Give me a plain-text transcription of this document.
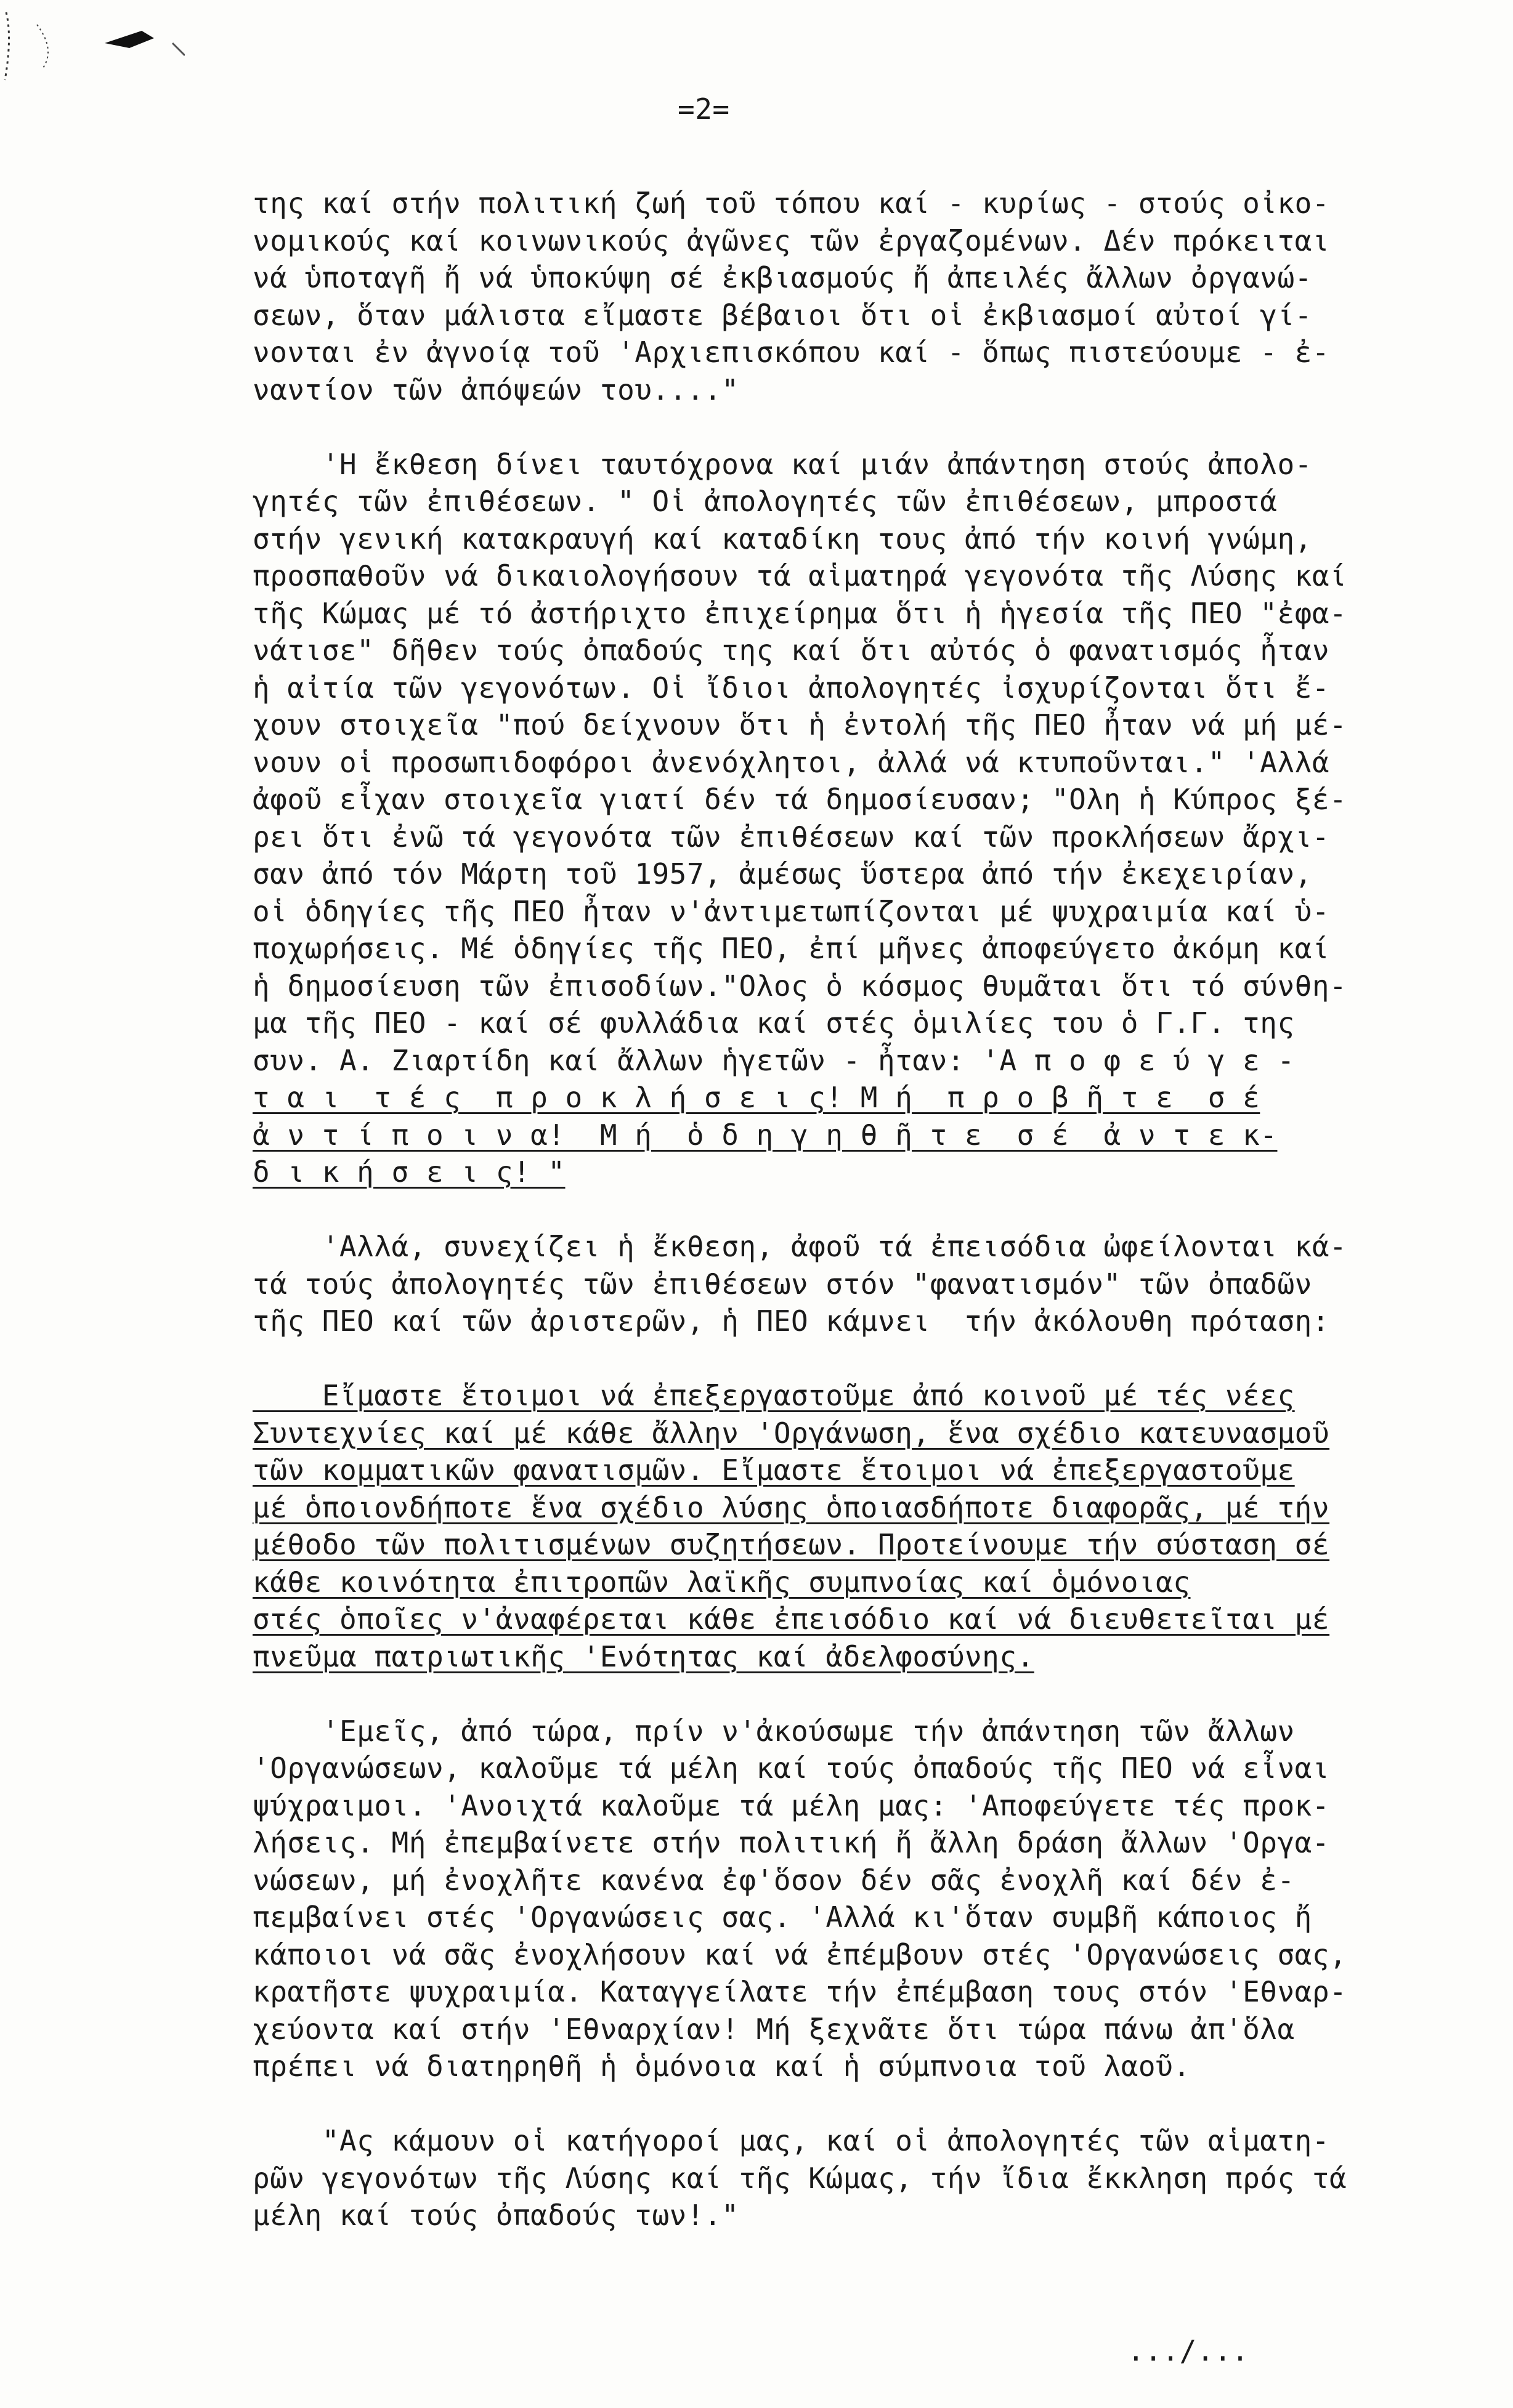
=2=
της καί στήν πολιτική ζωή τοῦ τόπου καί - κυρίως - στούς οἰκο-
νομικούς καί κοινωνικούς ἀγῶνες τῶν ἐργαζομένων. Δέν πρόκειται
νά ὑποταγῆ ἤ νά ὑποκύψη σέ ἐκβιασμούς ἤ ἀπειλές ἄλλων ὀργανώ-
σεων, ὅταν μάλιστα εἴμαστε βέβαιοι ὅτι οἱ ἐκβιασμοί αὐτοί γί-
νονται ἐν ἀγνοίᾳ τοῦ 'Αρχιεπισκόπου καί - ὅπως πιστεύουμε - ἐ-
ναντίον τῶν ἀπόψεών του...."
'Η ἔκθεση δίνει ταυτόχρονα καί μιάν ἀπάντηση στούς ἀπολο-
γητές τῶν ἐπιθέσεων. " Οἱ ἀπολογητές τῶν ἐπιθέσεων, μπροστά
στήν γενική κατακραυγή καί καταδίκη τους ἀπό τήν κοινή γνώμη,
προσπαθοῦν νά δικαιολογήσουν τά αἱματηρά γεγονότα τῆς Λύσης καί
τῆς Κώμας μέ τό ἀστήριχτο ἐπιχείρημα ὅτι ἡ ἡγεσία τῆς ΠΕΟ "ἐφα-
νάτισε" δῆθεν τούς ὀπαδούς της καί ὅτι αὐτός ὁ φανατισμός ἦταν
ἡ αἰτία τῶν γεγονότων. Οἱ ἴδιοι ἀπολογητές ἰσχυρίζονται ὅτι ἔ-
χουν στοιχεῖα "πού δείχνουν ὅτι ἡ ἐντολή τῆς ΠΕΟ ἦταν νά μή μέ-
νουν οἱ προσωπιδοφόροι ἀνενόχλητοι, ἀλλά νά κτυποῦνται." 'Αλλά
ἀφοῦ εἶχαν στοιχεῖα γιατί δέν τά δημοσίευσαν; "Ολη ἡ Κύπρος ξέ-
ρει ὅτι ἐνῶ τά γεγονότα τῶν ἐπιθέσεων καί τῶν προκλήσεων ἄρχι-
σαν ἀπό τόν Μάρτη τοῦ 1957, ἀμέσως ὕστερα ἀπό τήν ἐκεχειρίαν,
οἱ ὁδηγίες τῆς ΠΕΟ ἦταν ν'ἀντιμετωπίζονται μέ ψυχραιμία καί ὑ-
ποχωρήσεις. Μέ ὁδηγίες τῆς ΠΕΟ, ἐπί μῆνες ἀποφεύγετο ἀκόμη καί
ἡ δημοσίευση τῶν ἐπισοδίων."Ολος ὁ κόσμος θυμᾶται ὅτι τό σύνθη-
μα τῆς ΠΕΟ - καί σέ φυλλάδια καί στές ὁμιλίες του ὁ Γ.Γ. της
συν. Α. Ζιαρτίδη καί ἄλλων ἡγετῶν - ἦταν: 'Α π ο φ ε ύ γ ε -
τ α ι  τ έ ς  π ρ ο κ λ ή σ ε ι ς! Μ ή  π ρ ο β ῆ τ ε  σ έ
ἀ ν τ ί π ο ι ν α!  Μ ή  ὁ δ η γ η θ ῆ τ ε  σ έ  ἀ ν τ ε κ-
δ ι κ ή σ ε ι ς! "
'Αλλά, συνεχίζει ἡ ἔκθεση, ἀφοῦ τά ἐπεισόδια ὠφείλονται κά-
τά τούς ἀπολογητές τῶν ἐπιθέσεων στόν "φανατισμόν" τῶν ὀπαδῶν
τῆς ΠΕΟ καί τῶν ἀριστερῶν, ἡ ΠΕΟ κάμνει  τήν ἀκόλουθη πρόταση:
Εἴμαστε ἕτοιμοι νά ἐπεξεργαστοῦμε ἀπό κοινοῦ μέ τές νέες
Συντεχνίες καί μέ κάθε ἄλλην 'Οργάνωση, ἕνα σχέδιο κατευνασμοῦ
τῶν κομματικῶν φανατισμῶν. Εἴμαστε ἕτοιμοι νά ἐπεξεργαστοῦμε
μέ ὁποιονδήποτε ἕνα σχέδιο λύσης ὁποιασδήποτε διαφορᾶς, μέ τήν
μέθοδο τῶν πολιτισμένων συζητήσεων. Προτείνουμε τήν σύσταση σέ
κάθε κοινότητα ἐπιτροπῶν λαϊκῆς συμπνοίας καί ὁμόνοιας
στές ὁποῖες ν'ἀναφέρεται κάθε ἐπεισόδιο καί νά διευθετεῖται μέ
πνεῦμα πατριωτικῆς 'Ενότητας καί ἀδελφοσύνης.
'Εμεῖς, ἀπό τώρα, πρίν ν'ἀκούσωμε τήν ἀπάντηση τῶν ἄλλων
'Οργανώσεων, καλοῦμε τά μέλη καί τούς ὀπαδούς τῆς ΠΕΟ νά εἶναι
ψύχραιμοι. 'Ανοιχτά καλοῦμε τά μέλη μας: 'Αποφεύγετε τές προκ-
λήσεις. Μή ἐπεμβαίνετε στήν πολιτική ἤ ἄλλη δράση ἄλλων 'Οργα-
νώσεων, μή ἐνοχλῆτε κανένα ἐφ'ὅσον δέν σᾶς ἐνοχλῆ καί δέν ἐ-
πεμβαίνει στές 'Οργανώσεις σας. 'Αλλά κι'ὅταν συμβῆ κάποιος ἤ
κάποιοι νά σᾶς ἐνοχλήσουν καί νά ἐπέμβουν στές 'Οργανώσεις σας,
κρατῆστε ψυχραιμία. Καταγγείλατε τήν ἐπέμβαση τους στόν 'Εθναρ-
χεύοντα καί στήν 'Εθναρχίαν! Μή ξεχνᾶτε ὅτι τώρα πάνω ἀπ'ὅλα
πρέπει νά διατηρηθῆ ἡ ὁμόνοια καί ἡ σύμπνοια τοῦ λαοῦ.
"Ας κάμουν οἱ κατήγοροί μας, καί οἱ ἀπολογητές τῶν αἱματη-
ρῶν γεγονότων τῆς Λύσης καί τῆς Κώμας, τήν ἴδια ἔκκληση πρός τά
μέλη καί τούς ὀπαδούς των!."
.../...
